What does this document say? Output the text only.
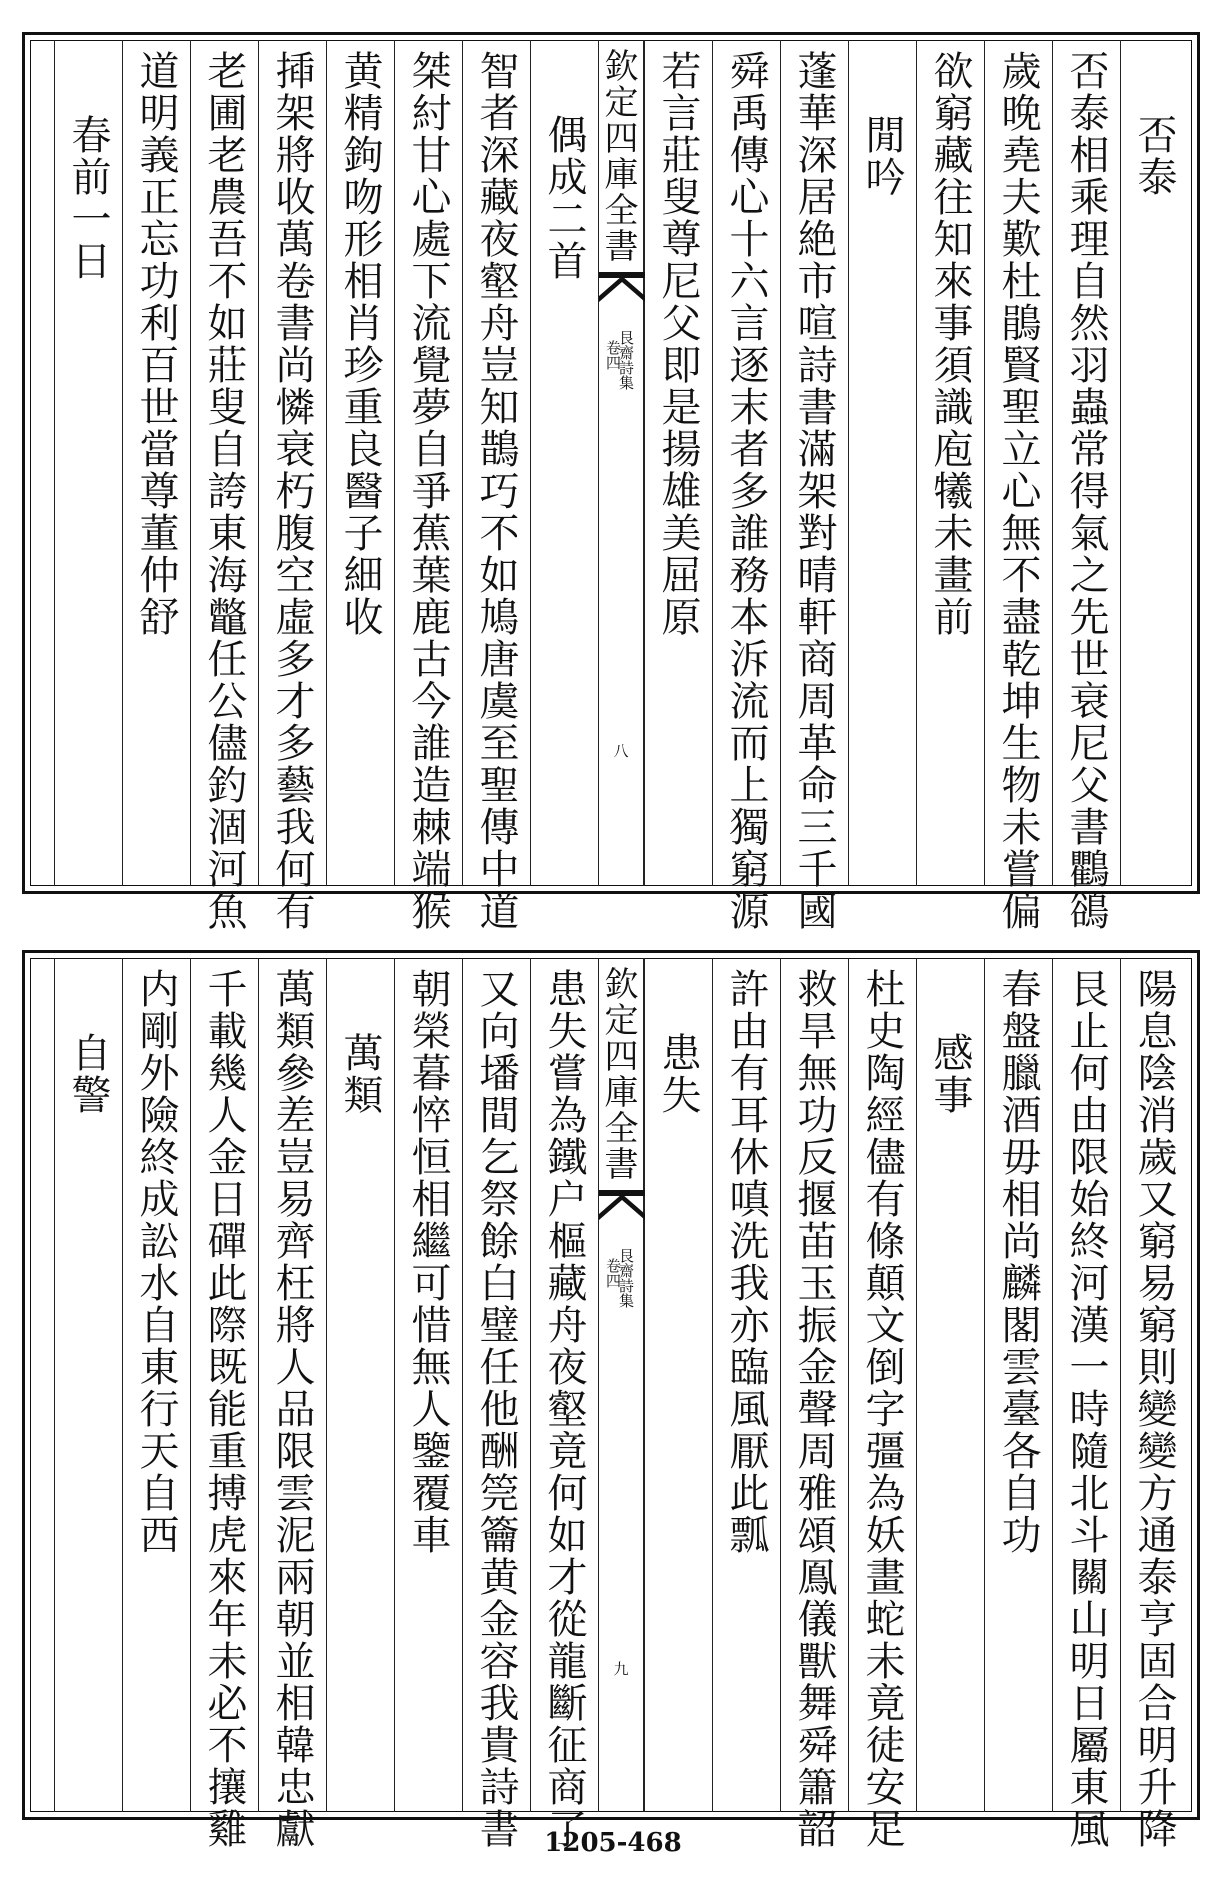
否泰
否泰相乘理自然羽蟲常得氣之先世衰尼父書鸜鵒
歲晚堯夫歎杜鵑賢聖立心無不盡乾坤生物未嘗偏
欲窮藏往知來事須識庖犧未畫前
閒吟
蓬華深居絶市喧詩書滿架對晴軒商周革命三千國
舜禹傳心十六言逐末者多誰務本泝流而上獨窮源
若言莊叟尊尼父即是揚雄美屈原
欽定四庫全書
艮齋詩集
卷四
八
偶成二首
智者深藏夜壑舟豈知鵲巧不如鳩唐虞至聖傳中道
桀紂甘心處下流覺夢自爭蕉葉鹿古今誰造棘端猴
黄精鉤吻形相肖珍重良醫子細收
揷架將收萬卷書尚憐衰朽腹空虛多才多藝我何有
老圃老農吾不如莊叟自誇東海鼈任公儘釣涸河魚
道明義正忘功利百世當尊董仲舒
春前一日
陽息陰消歲又窮易窮則變變方通泰亨固合明升降
艮止何由限始終河漢一時隨北斗關山明日屬東風
春盤臘酒毋相尚麟閣雲臺各自功
感事
杜史陶經儘有條顛文倒字彊為妖畫蛇未竟徒安足
救旱無功反揠苖玉振金聲周雅頌鳯儀獸舞舜簫韶
許由有耳休嗔洗我亦臨風厭此瓢
患失
欽定四庫全書
艮齋詩集
卷四
九
患失嘗為鐵户樞藏舟夜壑竟何如才從龍斷征商了
又向墦間乞祭餘白璧任他酬筦籥黄金容我貴詩書
朝榮暮悴恒相繼可惜無人鑒覆車
萬類
萬類參差豈易齊枉將人品限雲泥兩朝並相韓忠獻
千載幾人金日磾此際既能重搏虎來年未必不攘雞
内剛外險終成訟水自東行天自西
自警
1205-468
